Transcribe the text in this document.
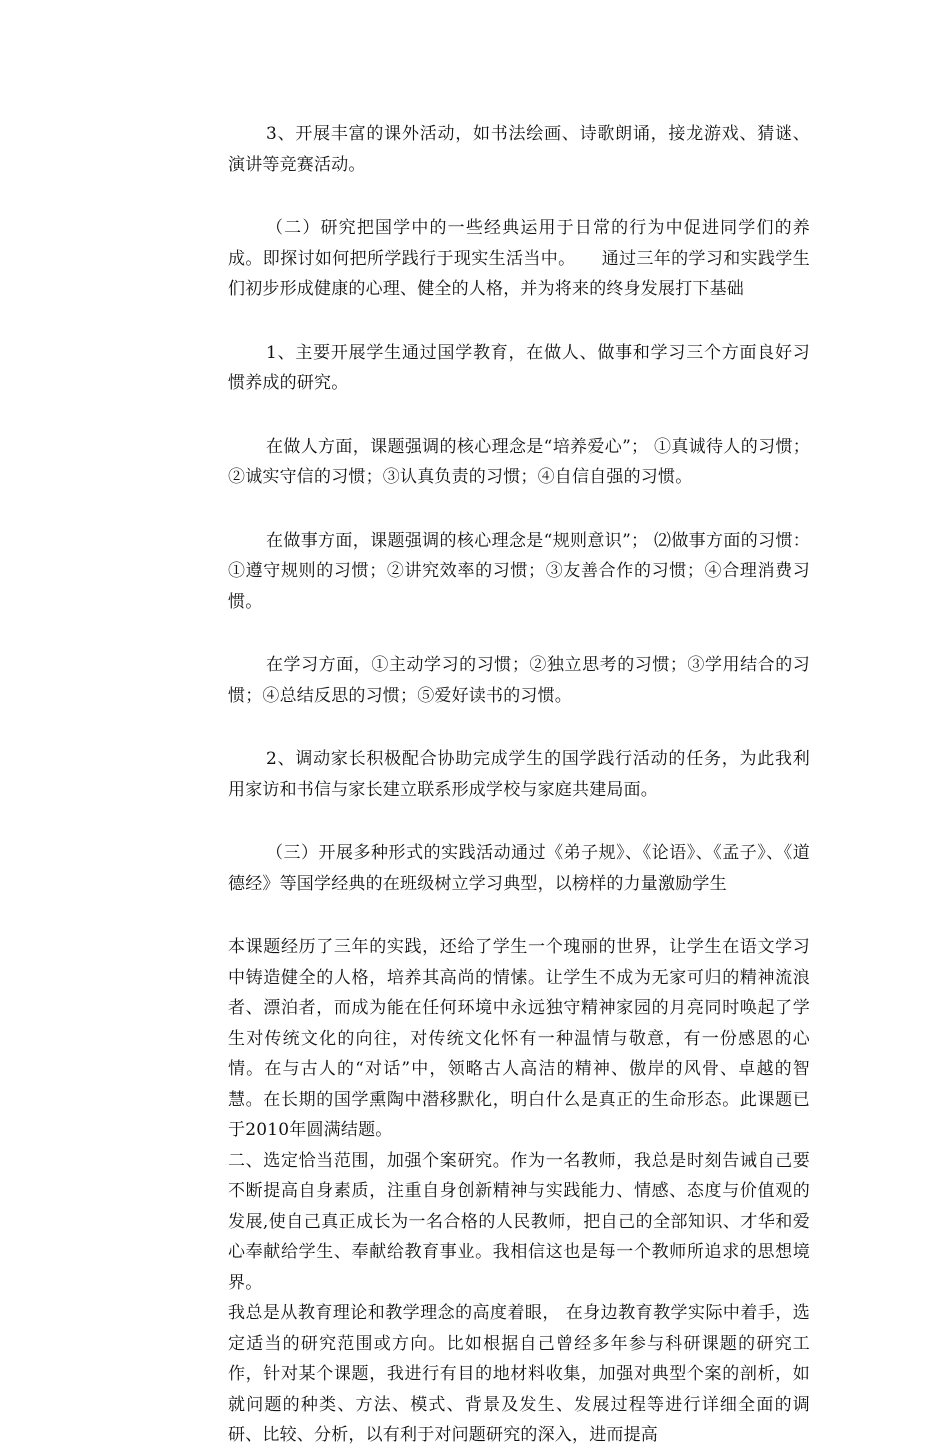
3、开展丰富的课外活动，如书法绘画、诗歌朗诵，接龙游戏、猜谜、演讲等竞赛活动。

（二）研究把国学中的一些经典运用于日常的行为中促进同学们的养成。即探讨如何把所学践行于现实生活当中。　　通过三年的学习和实践学生们初步形成健康的心理、健全的人格，并为将来的终身发展打下基础

1、主要开展学生通过国学教育，在做人、做事和学习三个方面良好习惯养成的研究。

在做人方面，课题强调的核心理念是“培养爱心”； ①真诚待人的习惯；②诚实守信的习惯；③认真负责的习惯；④自信自强的习惯。

在做事方面，课题强调的核心理念是“规则意识”； ⑵做事方面的习惯：①遵守规则的习惯；②讲究效率的习惯；③友善合作的习惯；④合理消费习惯。

在学习方面，①主动学习的习惯；②独立思考的习惯；③学用结合的习惯；④总结反思的习惯；⑤爱好读书的习惯。

2、调动家长积极配合协助完成学生的国学践行活动的任务，为此我利用家访和书信与家长建立联系形成学校与家庭共建局面。

（三）开展多种形式的实践活动通过《弟子规》、《论语》、《孟子》、《道德经》等国学经典的在班级树立学习典型，以榜样的力量激励学生

本课题经历了三年的实践，还给了学生一个瑰丽的世界，让学生在语文学习中铸造健全的人格，培养其高尚的情愫。让学生不成为无家可归的精神流浪者、漂泊者，而成为能在任何环境中永远独守精神家园的月亮同时唤起了学生对传统文化的向往，对传统文化怀有一种温情与敬意，有一份感恩的心情。在与古人的“对话”中，领略古人高洁的精神、傲岸的风骨、卓越的智慧。在长期的国学熏陶中潜移默化，明白什么是真正的生命形态。此课题已于2010年圆满结题。

二、选定恰当范围，加强个案研究。作为一名教师，我总是时刻告诫自己要不断提高自身素质，注重自身创新精神与实践能力、情感、态度与价值观的发展,使自己真正成长为一名合格的人民教师，把自己的全部知识、才华和爱心奉献给学生、奉献给教育事业。我相信这也是每一个教师所追求的思想境界。

我总是从教育理论和教学理念的高度着眼， 在身边教育教学实际中着手，选定适当的研究范围或方向。比如根据自己曾经多年参与科研课题的研究工作，针对某个课题，我进行有目的地材料收集，加强对典型个案的剖析，如就问题的种类、方法、模式、背景及发生、发展过程等进行详细全面的调研、比较、分析，以有利于对问题研究的深入，进而提高
